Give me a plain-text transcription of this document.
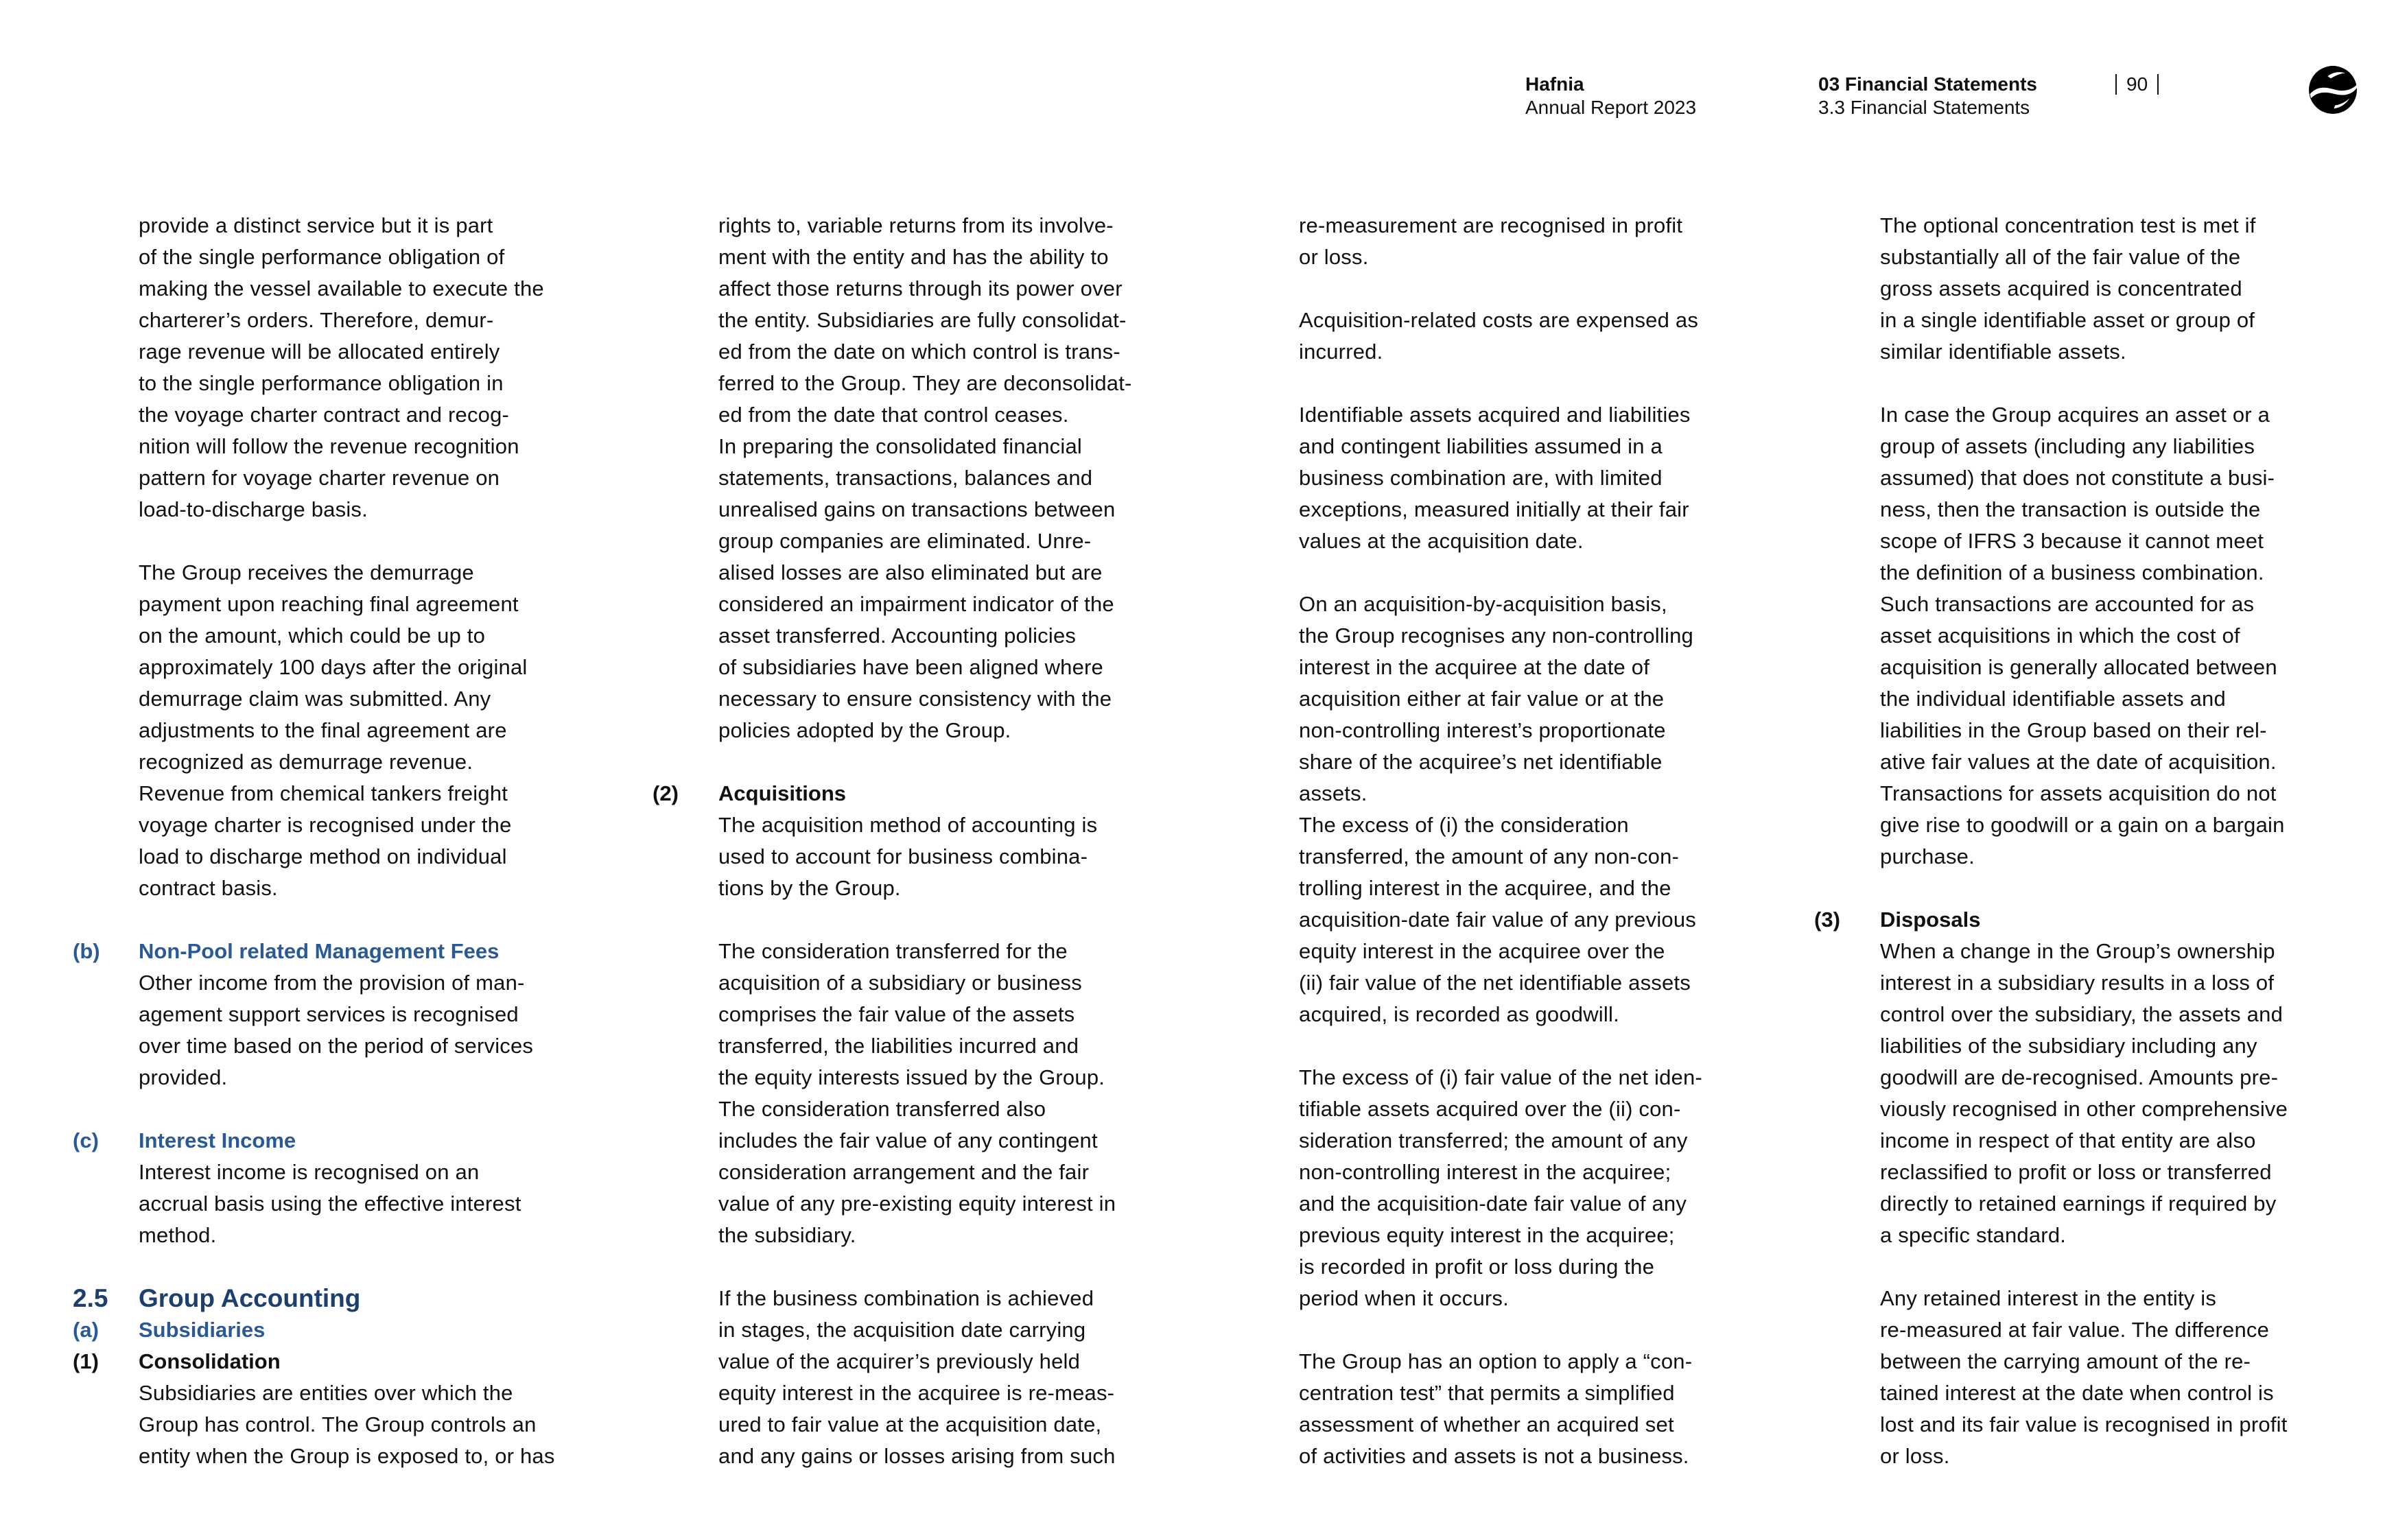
Hafnia
Annual Report 2023
03 Financial Statements
3.3 Financial Statements
90
provide a distinct service but it is part
of the single performance obligation of
making the vessel available to execute the
charterer’s orders. Therefore, demur-
rage revenue will be allocated entirely
to the single performance obligation in
the voyage charter contract and recog-
nition will follow the revenue recognition
pattern for voyage charter revenue on
load-to-discharge basis.
The Group receives the demurrage
payment upon reaching final agreement
on the amount, which could be up to
approximately 100 days after the original
demurrage claim was submitted. Any
adjustments to the final agreement are
recognized as demurrage revenue.
Revenue from chemical tankers freight
voyage charter is recognised under the
load to discharge method on individual
contract basis.
(b) Non-Pool related Management Fees
Other income from the provision of man-
agement support services is recognised
over time based on the period of services
provided.
(c) Interest Income
Interest income is recognised on an
accrual basis using the effective interest
method.
2.5 Group Accounting
(a) Subsidiaries
(1) Consolidation
Subsidiaries are entities over which the
Group has control. The Group controls an
entity when the Group is exposed to, or has
rights to, variable returns from its involve-
ment with the entity and has the ability to
affect those returns through its power over
the entity. Subsidiaries are fully consolidat-
ed from the date on which control is trans-
ferred to the Group. They are deconsolidat-
ed from the date that control ceases.
In preparing the consolidated financial
statements, transactions, balances and
unrealised gains on transactions between
group companies are eliminated. Unre-
alised losses are also eliminated but are
considered an impairment indicator of the
asset transferred. Accounting policies
of subsidiaries have been aligned where
necessary to ensure consistency with the
policies adopted by the Group.
(2) Acquisitions
The acquisition method of accounting is
used to account for business combina-
tions by the Group.
The consideration transferred for the
acquisition of a subsidiary or business
comprises the fair value of the assets
transferred, the liabilities incurred and
the equity interests issued by the Group.
The consideration transferred also
includes the fair value of any contingent
consideration arrangement and the fair
value of any pre-existing equity interest in
the subsidiary.
If the business combination is achieved
in stages, the acquisition date carrying
value of the acquirer’s previously held
equity interest in the acquiree is re-meas-
ured to fair value at the acquisition date,
and any gains or losses arising from such
re-measurement are recognised in profit
or loss.
Acquisition-related costs are expensed as
incurred.
Identifiable assets acquired and liabilities
and contingent liabilities assumed in a
business combination are, with limited
exceptions, measured initially at their fair
values at the acquisition date.
On an acquisition-by-acquisition basis,
the Group recognises any non-controlling
interest in the acquiree at the date of
acquisition either at fair value or at the
non-controlling interest’s proportionate
share of the acquiree’s net identifiable
assets.
The excess of (i) the consideration
transferred, the amount of any non-con-
trolling interest in the acquiree, and the
acquisition-date fair value of any previous
equity interest in the acquiree over the
(ii) fair value of the net identifiable assets
acquired, is recorded as goodwill.
The excess of (i) fair value of the net iden-
tifiable assets acquired over the (ii) con-
sideration transferred; the amount of any
non-controlling interest in the acquiree;
and the acquisition-date fair value of any
previous equity interest in the acquiree;
is recorded in profit or loss during the
period when it occurs.
The Group has an option to apply a “con-
centration test” that permits a simplified
assessment of whether an acquired set
of activities and assets is not a business.
The optional concentration test is met if
substantially all of the fair value of the
gross assets acquired is concentrated
in a single identifiable asset or group of
similar identifiable assets.
In case the Group acquires an asset or a
group of assets (including any liabilities
assumed) that does not constitute a busi-
ness, then the transaction is outside the
scope of IFRS 3 because it cannot meet
the definition of a business combination.
Such transactions are accounted for as
asset acquisitions in which the cost of
acquisition is generally allocated between
the individual identifiable assets and
liabilities in the Group based on their rel-
ative fair values at the date of acquisition.
Transactions for assets acquisition do not
give rise to goodwill or a gain on a bargain
purchase.
(3) Disposals
When a change in the Group’s ownership
interest in a subsidiary results in a loss of
control over the subsidiary, the assets and
liabilities of the subsidiary including any
goodwill are de-recognised. Amounts pre-
viously recognised in other comprehensive
income in respect of that entity are also
reclassified to profit or loss or transferred
directly to retained earnings if required by
a specific standard.
Any retained interest in the entity is
re-measured at fair value. The difference
between the carrying amount of the re-
tained interest at the date when control is
lost and its fair value is recognised in profit
or loss.
